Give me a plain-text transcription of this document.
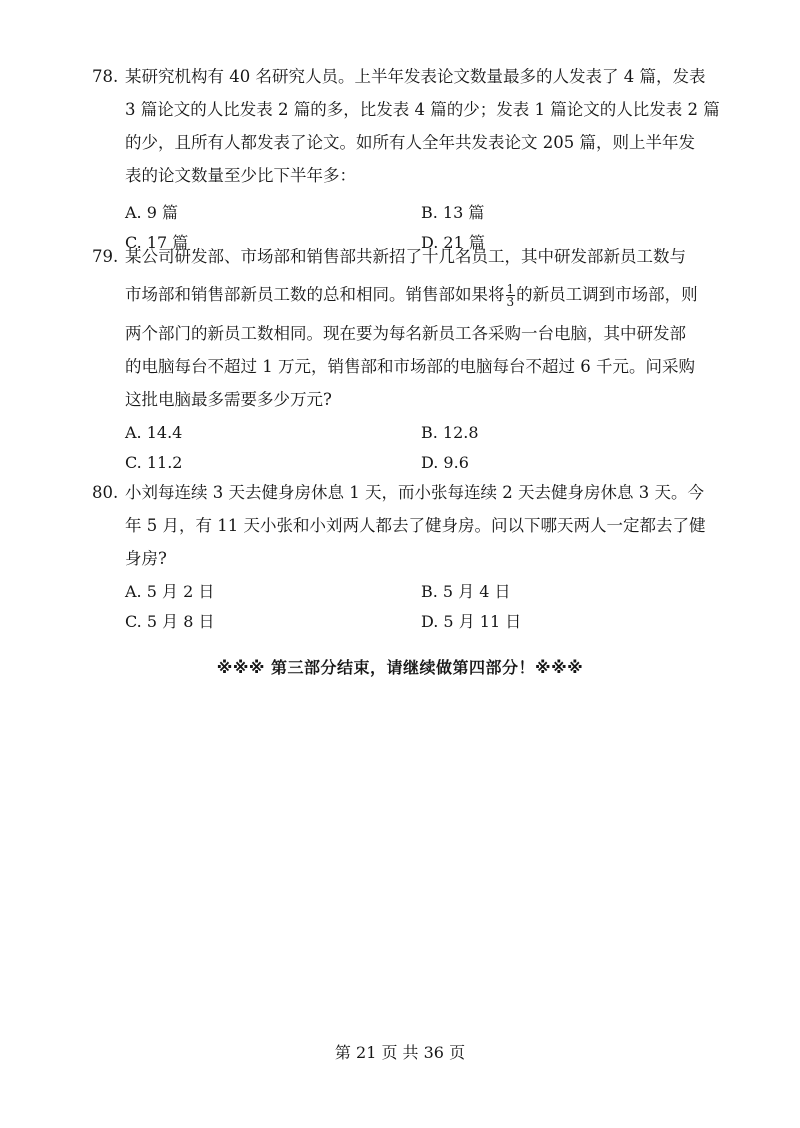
78. 某研究机构有 40 名研究人员。上半年发表论文数量最多的人发表了 4 篇，发表
3 篇论文的人比发表 2 篇的多，比发表 4 篇的少；发表 1 篇论文的人比发表 2 篇
的少，且所有人都发表了论文。如所有人全年共发表论文 205 篇，则上半年发
表的论文数量至少比下半年多：
A. 9 篇	B. 13 篇
C. 17 篇	D. 21 篇
79. 某公司研发部、市场部和销售部共新招了十几名员工，其中研发部新员工数与
市场部和销售部新员工数的总和相同。销售部如果将 $\frac{1}{3}$ 的新员工调到市场部，则
两个部门的新员工数相同。现在要为每名新员工各采购一台电脑，其中研发部
的电脑每台不超过 1 万元，销售部和市场部的电脑每台不超过 6 千元。问采购
这批电脑最多需要多少万元?
A. 14.4	B. 12.8
C. 11.2	D. 9.6
80. 小刘每连续 3 天去健身房休息 1 天，而小张每连续 2 天去健身房休息 3 天。今
年 5 月，有 11 天小张和小刘两人都去了健身房。问以下哪天两人一定都去了健
身房?
A. 5 月 2 日	B. 5 月 4 日
C. 5 月 8 日	D. 5 月 11 日
※※※ 第三部分结束，请继续做第四部分！※※※
第 21 页 共 36 页
